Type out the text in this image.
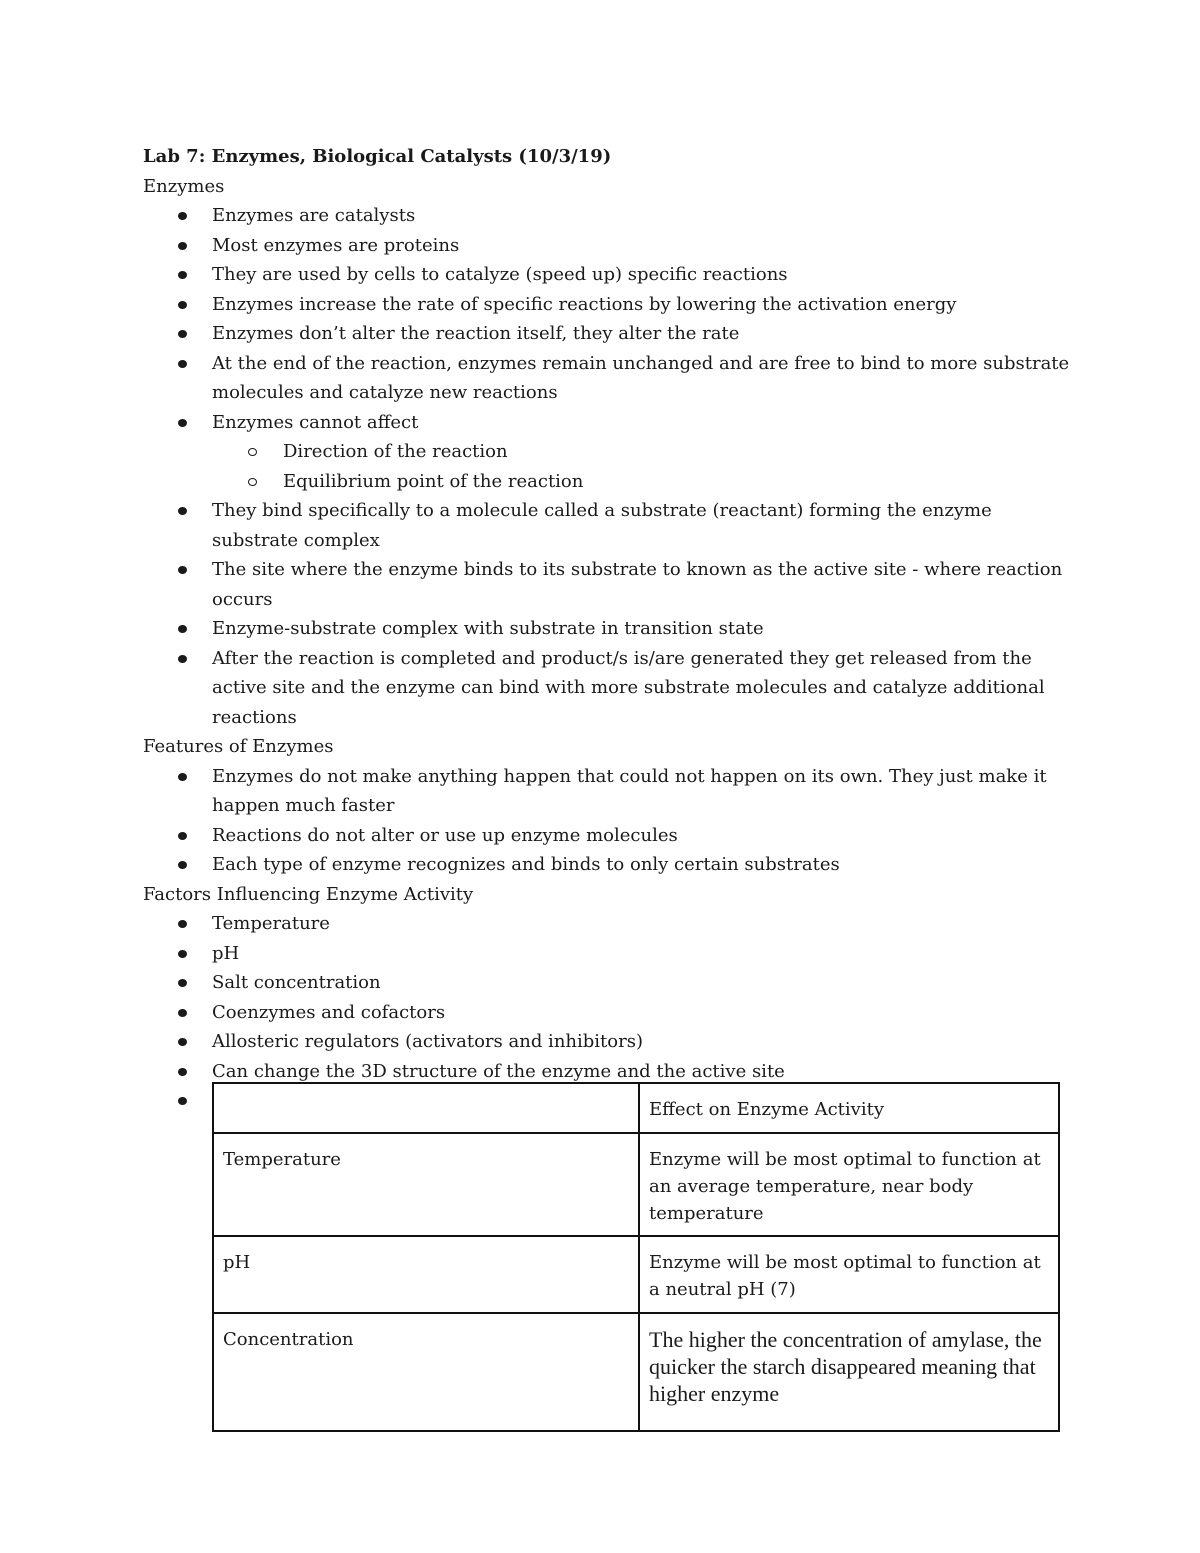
Lab 7: Enzymes, Biological Catalysts (10/3/19)
Enzymes
Enzymes are catalysts
Most enzymes are proteins
They are used by cells to catalyze (speed up) specific reactions
Enzymes increase the rate of specific reactions by lowering the activation energy
Enzymes don’t alter the reaction itself, they alter the rate
At the end of the reaction, enzymes remain unchanged and are free to bind to more substrate molecules and catalyze new reactions
Enzymes cannot affect
Direction of the reaction
Equilibrium point of the reaction
They bind specifically to a molecule called a substrate (reactant) forming the enzyme substrate complex
The site where the enzyme binds to its substrate to known as the active site - where reaction occurs
Enzyme-substrate complex with substrate in transition state
After the reaction is completed and product/s is/are generated they get released from the active site and the enzyme can bind with more substrate molecules and catalyze additional reactions
Features of Enzymes
Enzymes do not make anything happen that could not happen on its own. They just make it happen much faster
Reactions do not alter or use up enzyme molecules
Each type of enzyme recognizes and binds to only certain substrates
Factors Influencing Enzyme Activity
Temperature
pH
Salt concentration
Coenzymes and cofactors
Allosteric regulators (activators and inhibitors)
Can change the 3D structure of the enzyme and the active site

	Effect on Enzyme Activity
Temperature	Enzyme will be most optimal to function at an average temperature, near body temperature
pH	Enzyme will be most optimal to function at a neutral pH (7)
Concentration	The higher the concentration of amylase, the quicker the starch disappeared meaning that higher enzyme
